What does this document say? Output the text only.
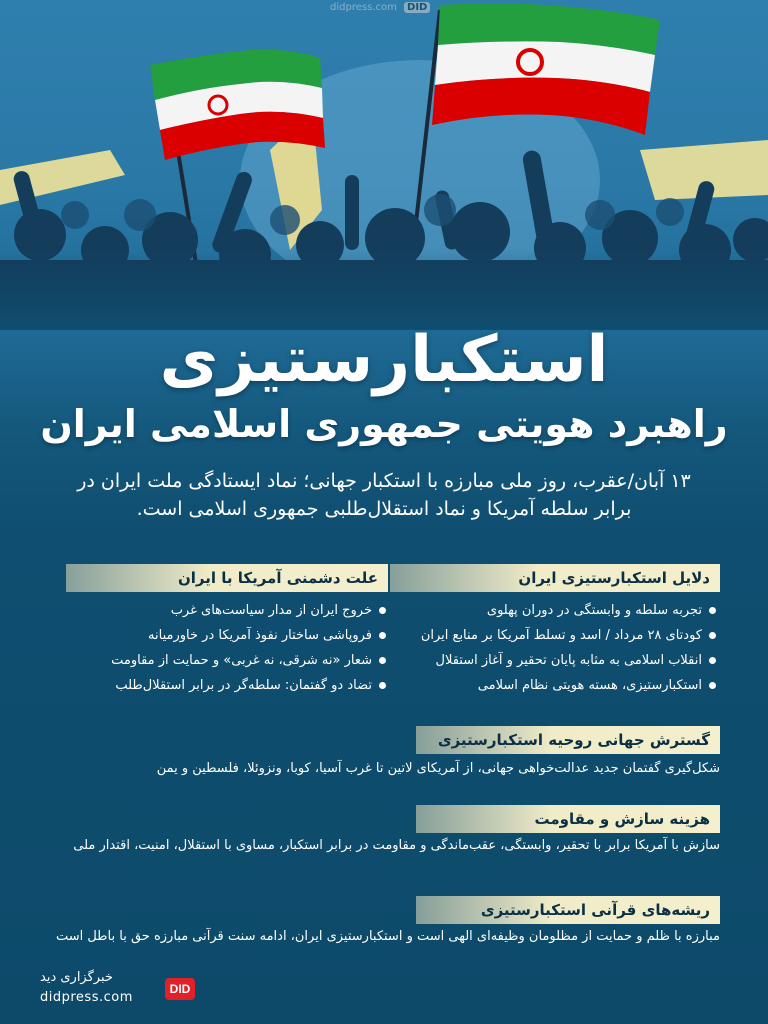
didpress.com DID
استکبارستیزی
راهبرد هویتی جمهوری اسلامی ایران
۱۳ آبان/عقرب، روز ملی مبارزه با استکبار جهانی؛ نماد ایستادگی ملت ایران در برابر سلطه آمریکا و نماد استقلال‌طلبی جمهوری اسلامی است.
دلایل استکبارستیزی ایران
تجربه سلطه و وابستگی در دوران پهلوی
کودتای ۲۸ مرداد / اسد و تسلط آمریکا بر منابع ایران
انقلاب اسلامی به مثابه پایان تحقیر و آغاز استقلال
استکبارستیزی، هسته هویتی نظام اسلامی
علت دشمنی آمریکا با ایران
خروج ایران از مدار سیاست‌های غرب
فروپاشی ساختار نفوذ آمریکا در خاورمیانه
شعار «نه شرقی، نه غربی» و حمایت از مقاومت
تضاد دو گفتمان: سلطه‌گر در برابر استقلال‌طلب
گسترش جهانی روحیه استکبارستیزی
شکل‌گیری گفتمان جدید عدالت‌خواهی جهانی، از آمریکای لاتین تا غرب آسیا، کوبا، ونزوئلا، فلسطین و یمن
هزینه سازش و مقاومت
سازش با آمریکا برابر با تحقیر، وابستگی، عقب‌ماندگی و مقاومت در برابر استکبار، مساوی با استقلال، امنیت، اقتدار ملی
ریشه‌های قرآنی استکبارستیزی
مبارزه با ظلم و حمایت از مظلومان وظیفه‌ای الهی است و استکبارستیزی ایران، ادامه سنت قرآنی مبارزه حق با باطل است
خبرگزاری دید
didpress.com
DID
